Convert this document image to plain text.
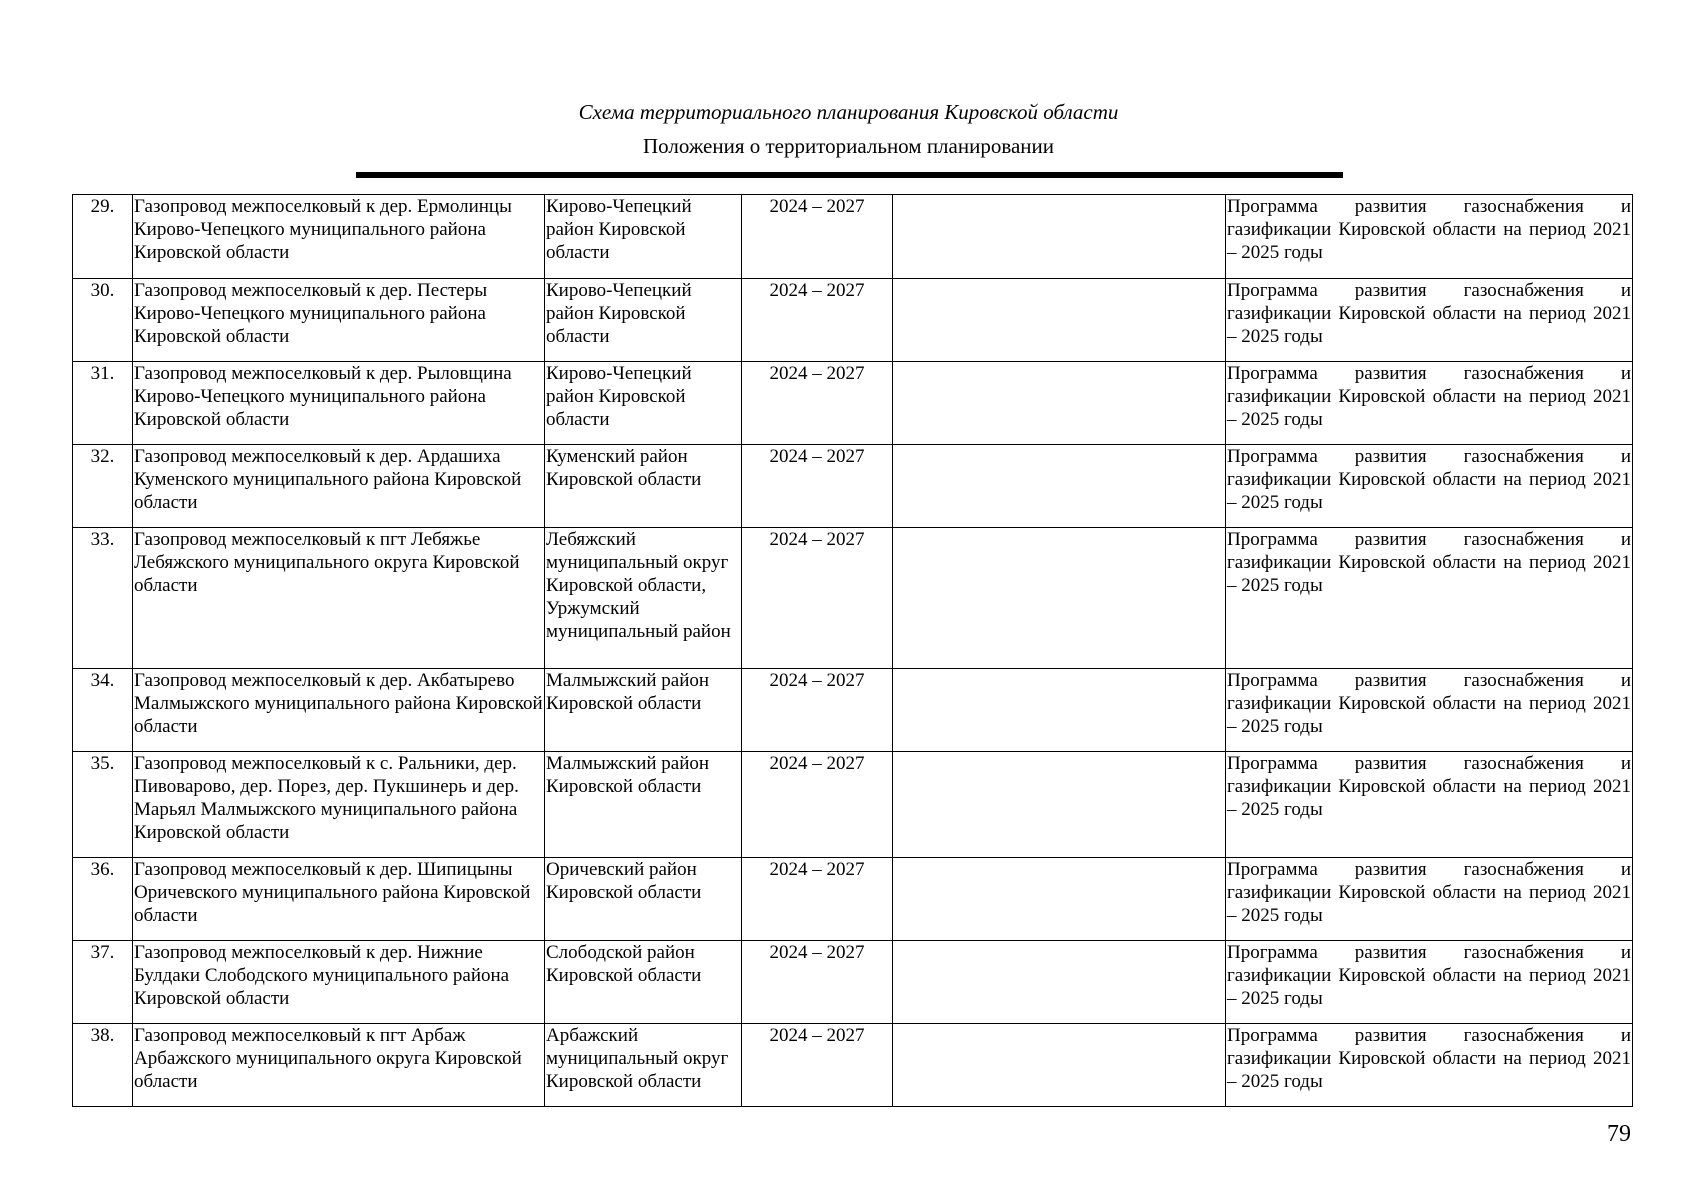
Схема территориального планирования Кировской области
Положения о территориальном планировании
29.	Газопровод межпоселковый к дер. Ермолинцы Кирово-Чепецкого муниципального района Кировской области	Кирово-Чепецкий район Кировской области	2024 – 2027		Программа развития газоснабжения и газификации Кировской области на период 2021 – 2025 годы
30.	Газопровод межпоселковый к дер. Пестеры Кирово-Чепецкого муниципального района Кировской области	Кирово-Чепецкий район Кировской области	2024 – 2027		Программа развития газоснабжения и газификации Кировской области на период 2021 – 2025 годы
31.	Газопровод межпоселковый к дер. Рыловщина Кирово-Чепецкого муниципального района Кировской области	Кирово-Чепецкий район Кировской области	2024 – 2027		Программа развития газоснабжения и газификации Кировской области на период 2021 – 2025 годы
32.	Газопровод межпоселковый к дер. Ардашиха Куменского муниципального района Кировской области	Куменский район Кировской области	2024 – 2027		Программа развития газоснабжения и газификации Кировской области на период 2021 – 2025 годы
33.	Газопровод межпоселковый к пгт Лебяжье Лебяжского муниципального округа Кировской области	Лебяжский муниципальный округ Кировской области, Уржумский муниципальный район	2024 – 2027		Программа развития газоснабжения и газификации Кировской области на период 2021 – 2025 годы
34.	Газопровод межпоселковый к дер. Акбатырево Малмыжского муниципального района Кировской области	Малмыжский район Кировской области	2024 – 2027		Программа развития газоснабжения и газификации Кировской области на период 2021 – 2025 годы
35.	Газопровод межпоселковый к с. Ральники, дер. Пивоварово, дер. Порез, дер. Пукшинерь и дер. Марьял Малмыжского муниципального района Кировской области	Малмыжский район Кировской области	2024 – 2027		Программа развития газоснабжения и газификации Кировской области на период 2021 – 2025 годы
36.	Газопровод межпоселковый к дер. Шипицыны Оричевского муниципального района Кировской области	Оричевский район Кировской области	2024 – 2027		Программа развития газоснабжения и газификации Кировской области на период 2021 – 2025 годы
37.	Газопровод межпоселковый к дер. Нижние Булдаки Слободского муниципального района Кировской области	Слободской район Кировской области	2024 – 2027		Программа развития газоснабжения и газификации Кировской области на период 2021 – 2025 годы
38.	Газопровод межпоселковый к пгт Арбаж Арбажского муниципального округа Кировской области	Арбажский муниципальный округ Кировской области	2024 – 2027		Программа развития газоснабжения и газификации Кировской области на период 2021 – 2025 годы
79
